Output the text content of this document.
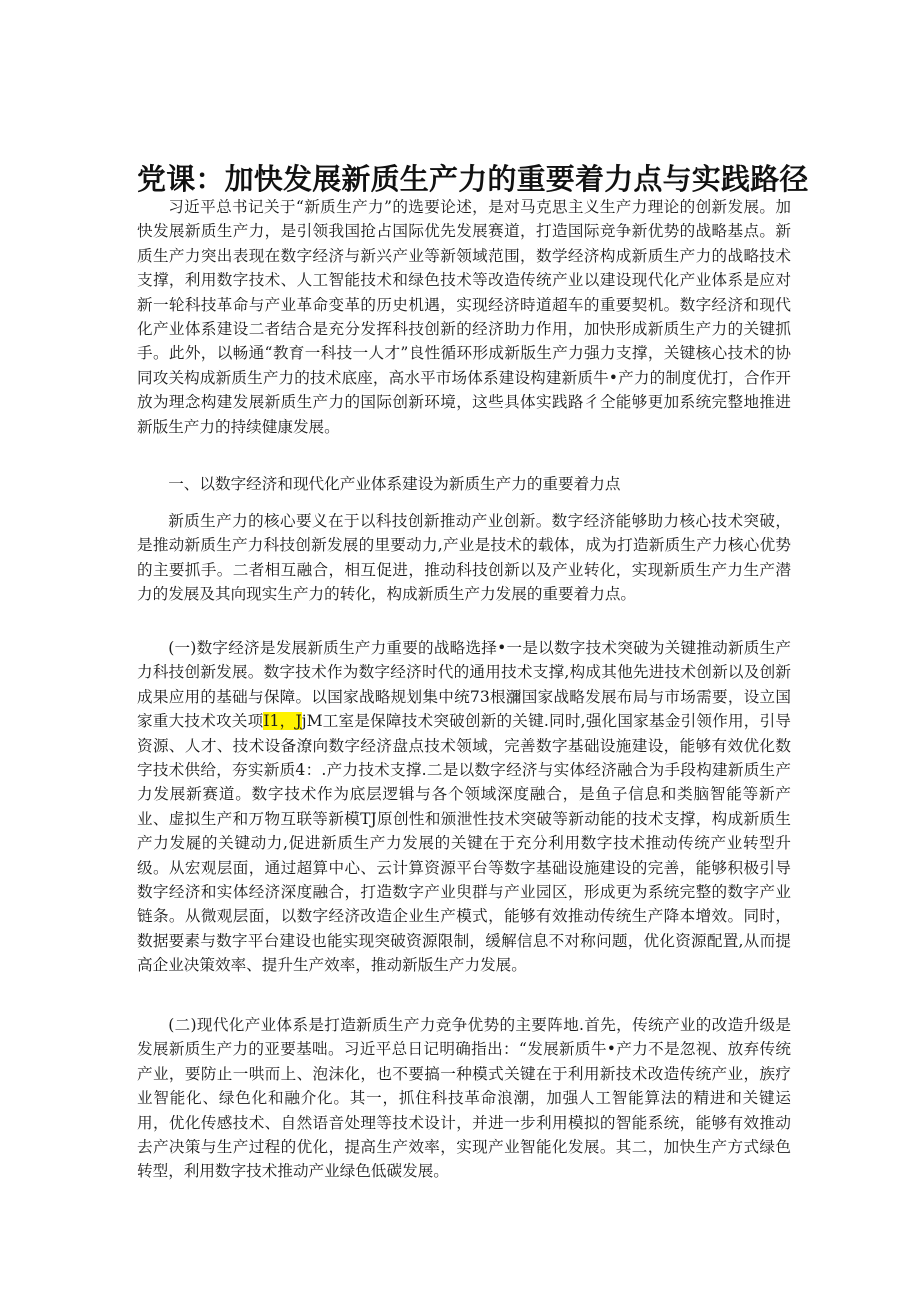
党课：加快发展新质生产力的重要着力点与实践路径

习近平总书记关于“新质生产力”的选要论述，是对马克思主义生产力理论的创新发展。加快发展新质生产力，是引领我国抢占国际优先发展赛道，打造国际竞争新优势的战略基点。新质生产力突出表现在数字经济与新兴产业等新领域范围，数学经济构成新质生产力的战略技术支撑，利用数字技术、人工智能技术和绿色技术等改造传统产业以建设现代化产业体系是应对新一轮科技革命与产业革命变革的历史机遇，实现经济時道超车的重要契机。数字经济和现代化产业体系建设二者结合是充分发挥科技创新的经济助力作用，加快形成新质生产力的关键抓手。此外，以畅通“教育一科技一人才”良性循环形成新版生产力强力支撑，关键核心技术的协同攻关构成新质生产力的技术底座，高水平市场体系建设构建新质牛•产力的制度优打，合作开放为理念构建发展新质生产力的国际创新环境，这些具体实践路彳仝能够更加系统完整地推进新版生产力的持续健康发展。

一、以数字经济和现代化产业体系建设为新质生产力的重要着力点

新质生产力的核心要义在于以科技创新推动产业创新。数字经济能够助力核心技术突破，是推动新质生产力科技创新发展的里要动力,产业是技术的载体，成为打造新质生产力核心优势的主要抓手。二者相互融合，相互促进，推动科技创新以及产业转化，实现新质生产力生产潜力的发展及其向现实生产力的转化，构成新质生产力发展的重要着力点。

(一)数字经济是发展新质生产力重要的战略选择•一是以数字技术突破为关键推动新质生产力科技创新发展。数字技术作为数字经济时代的通用技术支撑,构成其他先进技术创新以及创新成果应用的基础与保障。以国家战略规划集中统73根瀰国家战略发展布局与市场需要，设立国家重大技术攻关项I1，JjM工室是保障技术突破创新的关键.同时,强化国家基金引领作用，引导资源、人才、技术设备潦向数字经济盘点技术领域，完善数字基础设施建设，能够有效优化数字技术供给，夯实新质4：.产力技术支撑.二是以数字经济与实体经济融合为手段构建新质生产力发展新赛道。数字技术作为底层逻辑与各个领域深度融合，是鱼子信息和类脑智能等新产业、虚拟生产和万物互联等新模TJ原创性和颁泄性技术突破等新动能的技术支撑，构成新质生产力发屣的关键动力,促进新质生产力发展的关键在于充分利用数字技术推动传统产业转型升级。从宏观层面，通过超算中心、云计算资源平台等数字基础设施建设的完善，能够积极引导数字经济和实体经济深度融合，打造数字产业臾群与产业园区，形成更为系统完整的数字产业链条。从微观层面，以数字经济改造企业生产模式，能够有效推动传统生产降本增效。同时，数据要素与数字平台建设也能实现突破资源限制，缓解信息不对称问题，优化资源配置,从而提高企业决策效率、提升生产效率，推动新版生产力发展。

(二)现代化产业体系是打造新质生产力竞争优势的主要阵地.首先，传统产业的改造升级是发展新质生产力的亚要基咄。习近平总日记明确指出：“发展新质牛•产力不是忽视、放弃传统产业，要防止一哄而上、泡沫化，也不要搞一种模式关键在于利用新技术改造传统产业，族疗业智能化、绿色化和融介化。其一，抓住科技革命浪潮，加强人工智能算法的精进和关键运用，优化传感技术、自然语音处理等技术设计，并进一步利用模拟的智能系统，能够有效推动去产决策与生产过程的优化，提高生产效率，实现产业智能化发展。其二，加快生产方式绿色转型，利用数字技术推动产业绿色低碳发展。
